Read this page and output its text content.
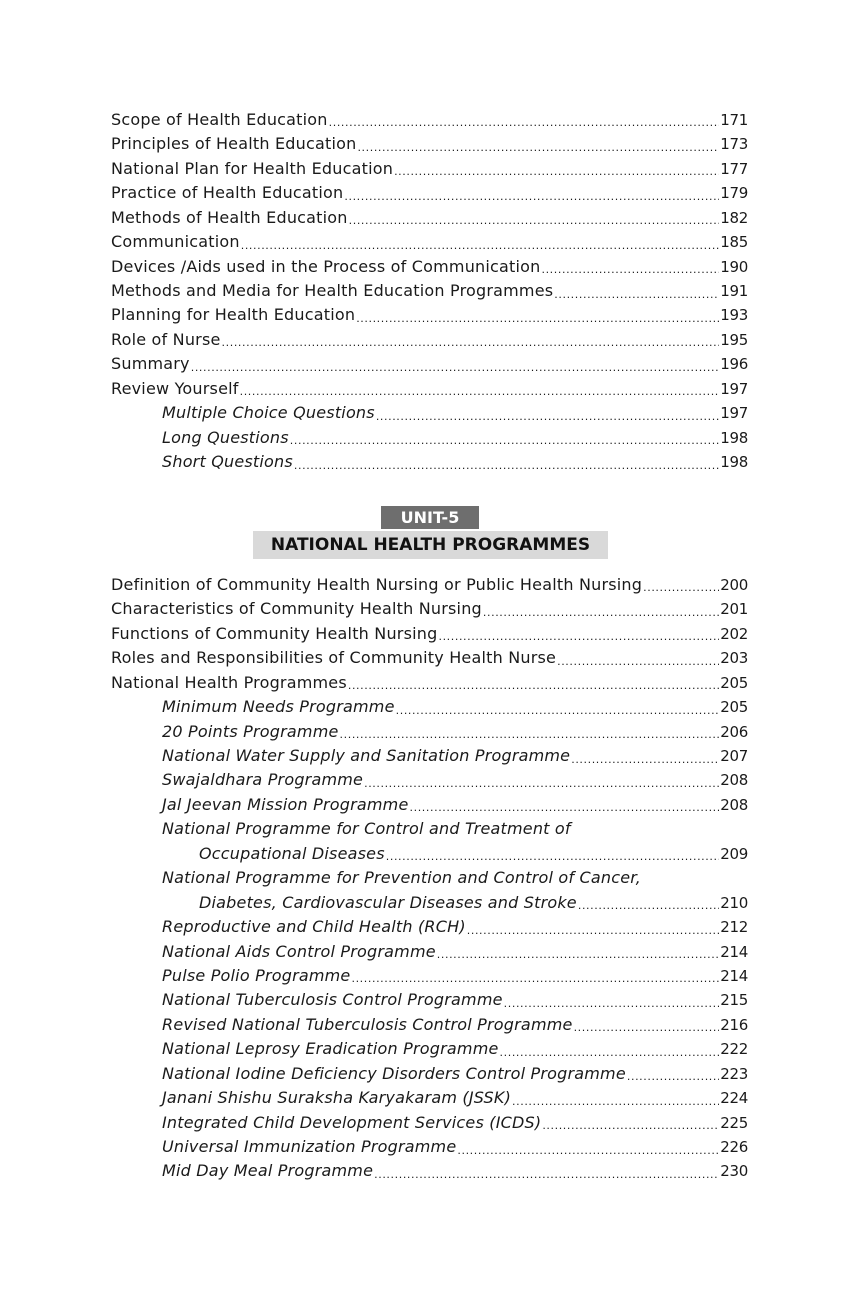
Scope of Health Education .....	171
Principles of Health Education .....	173
National Plan for Health Education .....	177
Practice of Health Education .....	179
Methods of Health Education .....	182
Communication .....	185
Devices /Aids used in the Process of Communication .....	190
Methods and Media for Health Education Programmes .....	191
Planning for Health Education .....	193
Role of Nurse .....	195
Summary .....	196
Review Yourself .....	197
Multiple Choice Questions .....	197
Long Questions .....	198
Short Questions .....	198
UNIT-5
NATIONAL HEALTH PROGRAMMES
Definition of Community Health Nursing or Public Health Nursing .....	200
Characteristics of Community Health Nursing .....	201
Functions of Community Health Nursing .....	202
Roles and Responsibilities of Community Health Nurse .....	203
National Health Programmes .....	205
Minimum Needs Programme .....	205
20 Points Programme .....	206
National Water Supply and Sanitation Programme .....	207
Swajaldhara Programme .....	208
Jal Jeevan Mission Programme .....	208
National Programme for Control and Treatment of
Occupational Diseases .....	209
National Programme for Prevention and Control of Cancer,
Diabetes, Cardiovascular Diseases and Stroke .....	210
Reproductive and Child Health (RCH) .....	212
National Aids Control Programme .....	214
Pulse Polio Programme .....	214
National Tuberculosis Control Programme .....	215
Revised National Tuberculosis Control Programme .....	216
National Leprosy Eradication Programme .....	222
National Iodine Deficiency Disorders Control Programme .....	223
Janani Shishu Suraksha Karyakaram (JSSK) .....	224
Integrated Child Development Services (ICDS) .....	225
Universal Immunization Programme .....	226
Mid Day Meal Programme .....	230
